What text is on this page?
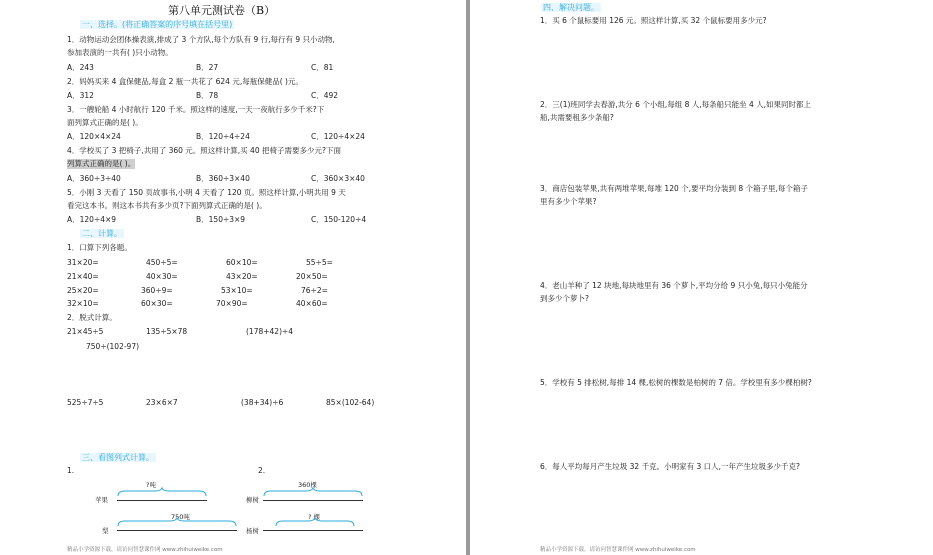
第八单元测试卷（B）
一、选择。(将正确答案的序号填在括号里)
1．动物运动会团体操表演,排成了 3 个方队,每个方队有 9 行,每行有 9 只小动物,
参加表演的一共有( )只小动物。
A．243	B．27	C．81
2．妈妈买来 4 盒保健品,每盒 2 瓶一共花了 624 元,每瓶保健品( )元。
A．312	B．78	C．492
3．一艘轮船 4 小时航行 120 千米。照这样的速度,一天一夜航行多少千米?下
面列算式正确的是( )。
A．120×4×24	B．120÷4÷24	C．120÷4×24
4．学校买了 3 把椅子,共用了 360 元。照这样计算,买 40 把椅子需要多少元?下面
列算式正确的是( )。
A．360÷3÷40	B．360÷3×40	C．360×3×40
5．小刚 3 天看了 150 页故事书,小明 4 天看了 120 页。照这样计算,小明共用 9 天
看完这本书。则这本书共有多少页?下面列算式正确的是( )。
A．120÷4×9	B．150÷3×9	C．150-120÷4
二、计算。
1．口算下列各题。
31×20=	450÷5=	60×10=	55÷5=
21×40=	40×30=	43×20=	20×50=
25×20=	360÷9=	53×10=	76÷2=
32×10=	60×30=	70×90=	40×60=
2．脱式计算。
21×45÷5	135÷5×78	(178+42)÷4
750÷(102-97)
525÷7÷5	23×6×7	(38+34)÷6	85×(102-64)
三、看图列式计算。
1.
?吨
苹果
750吨
梨
2.
360棵
柳树
? 棵
杨树
精品小学资源下载，请访问智慧课件网 www.zhihuiweike.com
四、解决问题。
1．买 6 个鼠标要用 126 元。照这样计算,买 32 个鼠标要用多少元?
2．三(1)班同学去春游,共分 6 个小组,每组 8 人,每条船只能坐 4 人,如果同时都上
船,共需要租多少条船?
3．商店包装苹果,共有两堆苹果,每堆 120 个,要平均分装到 8 个箱子里,每个箱子
里有多少个苹果?
4．老山羊种了 12 块地,每块地里有 36 个萝卜,平均分给 9 只小兔,每只小兔能分
到多少个萝卜?
5．学校有 5 排松树,每排 14 棵,松树的棵数是柏树的 7 倍。学校里有多少棵柏树?
6．每人平均每月产生垃圾 32 千克。小明家有 3 口人,一年产生垃圾多少千克?
精品小学资源下载，请访问智慧课件网 www.zhihuiweike.com
